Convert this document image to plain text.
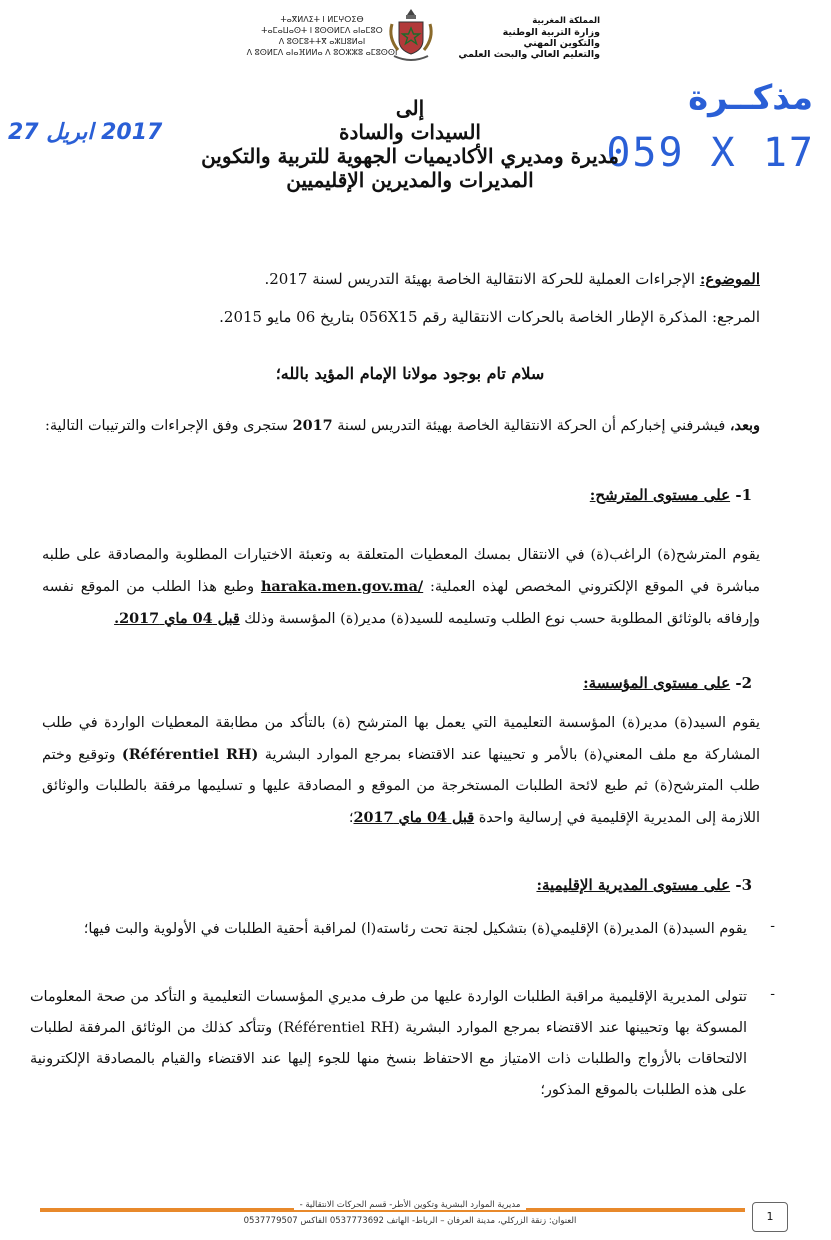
ⵜⴰⴳⵍⴷⵉⵜ ⵏ ⵍⵎⵖⵔⵉⴱ
ⵜⴰⵎⴰⵡⴰⵙⵜ ⵏ ⵓⵙⵙⵍⵎⴷ ⴰⵏⴰⵎⵓⵔ
ⴷ ⵓⵙⵎⵓⵜⵜⴳ ⴰⵣⵡⵓⵍⴰⵏ
ⴷ ⵓⵙⵍⵎⴷ ⴰⵏⴰⴼⵍⵍⴰ ⴷ ⵓⵔⵣⵣⵓ ⴰⵎⵓⵙⵙⵏ
المملكة المغربية
وزارة التربية الوطنية
والتكوين المهني
والتعليم العالي والبحث العلمي
مذكــرة
059 X 17
2017 ابريل 27
إلى
السيدات والسادة
مديرة ومديري الأكاديميات الجهوية للتربية والتكوين
المديرات والمديرين الإقليميين
الموضوع: الإجراءات العملية للحركة الانتقالية الخاصة بهيئة التدريس لسنة 2017.
المرجع: المذكرة الإطار الخاصة بالحركات الانتقالية رقم 056X15 بتاريخ 06 مايو 2015.
سلام تام بوجود مولانا الإمام المؤيد بالله؛
وبعد، فيشرفني إخباركم أن الحركة الانتقالية الخاصة بهيئة التدريس لسنة 2017 ستجرى وفق الإجراءات والترتيبات التالية:
1- على مستوى المترشح:
يقوم المترشح(ة) الراغب(ة) في الانتقال بمسك المعطيات المتعلقة به وتعبئة الاختيارات المطلوبة والمصادقة على طلبه مباشرة في الموقع الإلكتروني المخصص لهذه العملية: haraka.men.gov.ma/ وطبع هذا الطلب من الموقع نفسه وإرفاقه بالوثائق المطلوبة حسب نوع الطلب وتسليمه للسيد(ة) مدير(ة) المؤسسة وذلك قبل 04 ماي 2017.
2- على مستوى المؤسسة:
يقوم السيد(ة) مدير(ة) المؤسسة التعليمية التي يعمل بها المترشح (ة) بالتأكد من مطابقة المعطيات الواردة في طلب المشاركة مع ملف المعني(ة) بالأمر و تحيينها عند الاقتضاء بمرجع الموارد البشرية (Référentiel RH) وتوقيع وختم طلب المترشح(ة) ثم طبع لائحة الطلبات المستخرجة من الموقع و المصادقة عليها و تسليمها مرفقة بالطلبات والوثائق اللازمة إلى المديرية الإقليمية في إرسالية واحدة قبل 04 ماي 2017؛
3- على مستوى المديرية الإقليمية:
-
يقوم السيد(ة) المدير(ة) الإقليمي(ة) بتشكيل لجنة تحت رئاسته(ا) لمراقبة أحقية الطلبات في الأولوية والبت فيها؛
-
تتولى المديرية الإقليمية مراقبة الطلبات الواردة عليها من طرف مديري المؤسسات التعليمية و التأكد من صحة المعلومات المسوكة بها وتحيينها عند الاقتضاء بمرجع الموارد البشرية (Référentiel RH) وتتأكد كذلك من الوثائق المرفقة لطلبات الالتحاقات بالأزواج والطلبات ذات الامتياز مع الاحتفاظ بنسخ منها للجوء إليها عند الاقتضاء والقيام بالمصادقة الإلكترونية على هذه الطلبات بالموقع المذكور؛
مديرية الموارد البشرية وتكوين الأطر- قسم الحركات الانتقالية -
العنوان: زنقة الزركلي، مدينة العرفان – الرباط- الهاتف 0537773692 الفاكس 0537779507	1
